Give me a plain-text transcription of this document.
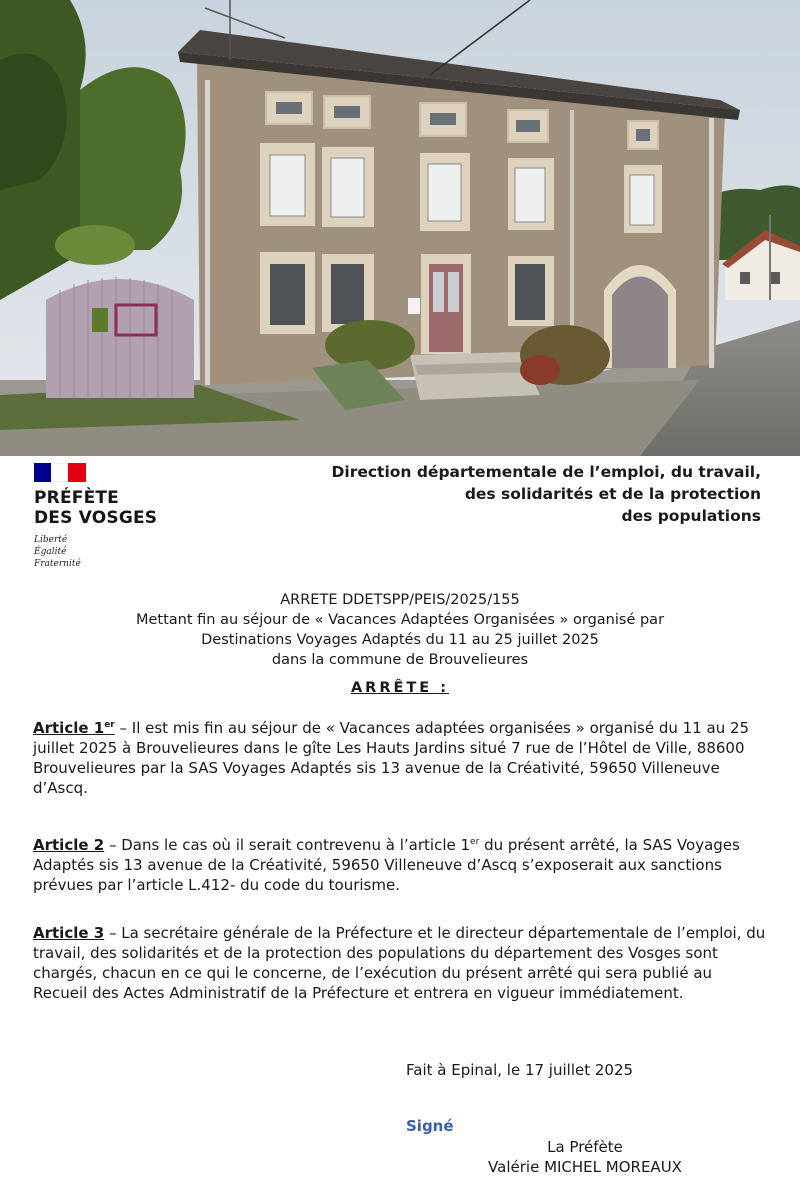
PRÉFÈTE
DES VOSGES
Liberté
Égalité
Fraternité
Direction départementale de l’emploi, du travail,
des solidarités et de la protection
des populations
ARRETE DDETSPP/PEIS/2025/155
Mettant fin au séjour de « Vacances Adaptées Organisées » organisé par
Destinations Voyages Adaptés du 11 au 25 juillet 2025
dans la commune de Brouvelieures
ARRÊTE :
Article 1er – Il est mis fin au séjour de « Vacances adaptées organisées » organisé du 11 au 25 juillet 2025 à Brouvelieures dans le gîte Les Hauts Jardins situé 7 rue de l’Hôtel de Ville, 88600 Brouvelieures par la SAS Voyages Adaptés sis 13 avenue de la Créativité, 59650 Villeneuve d’Ascq.
Article 2 – Dans le cas où il serait contrevenu à l’article 1er du présent arrêté, la SAS Voyages Adaptés sis 13 avenue de la Créativité, 59650 Villeneuve d’Ascq s’exposerait aux sanctions prévues par l’article L.412- du code du tourisme.
Article 3 – La secrétaire générale de la Préfecture et le directeur départementale de l’emploi, du travail, des solidarités et de la protection des populations du département des Vosges sont chargés, chacun en ce qui le concerne, de l’exécution du présent arrêté qui sera publié au Recueil des Actes Administratif de la Préfecture et entrera en vigueur immédiatement.
Fait à Epinal, le 17 juillet 2025
Signé
La Préfète
Valérie MICHEL MOREAUX
